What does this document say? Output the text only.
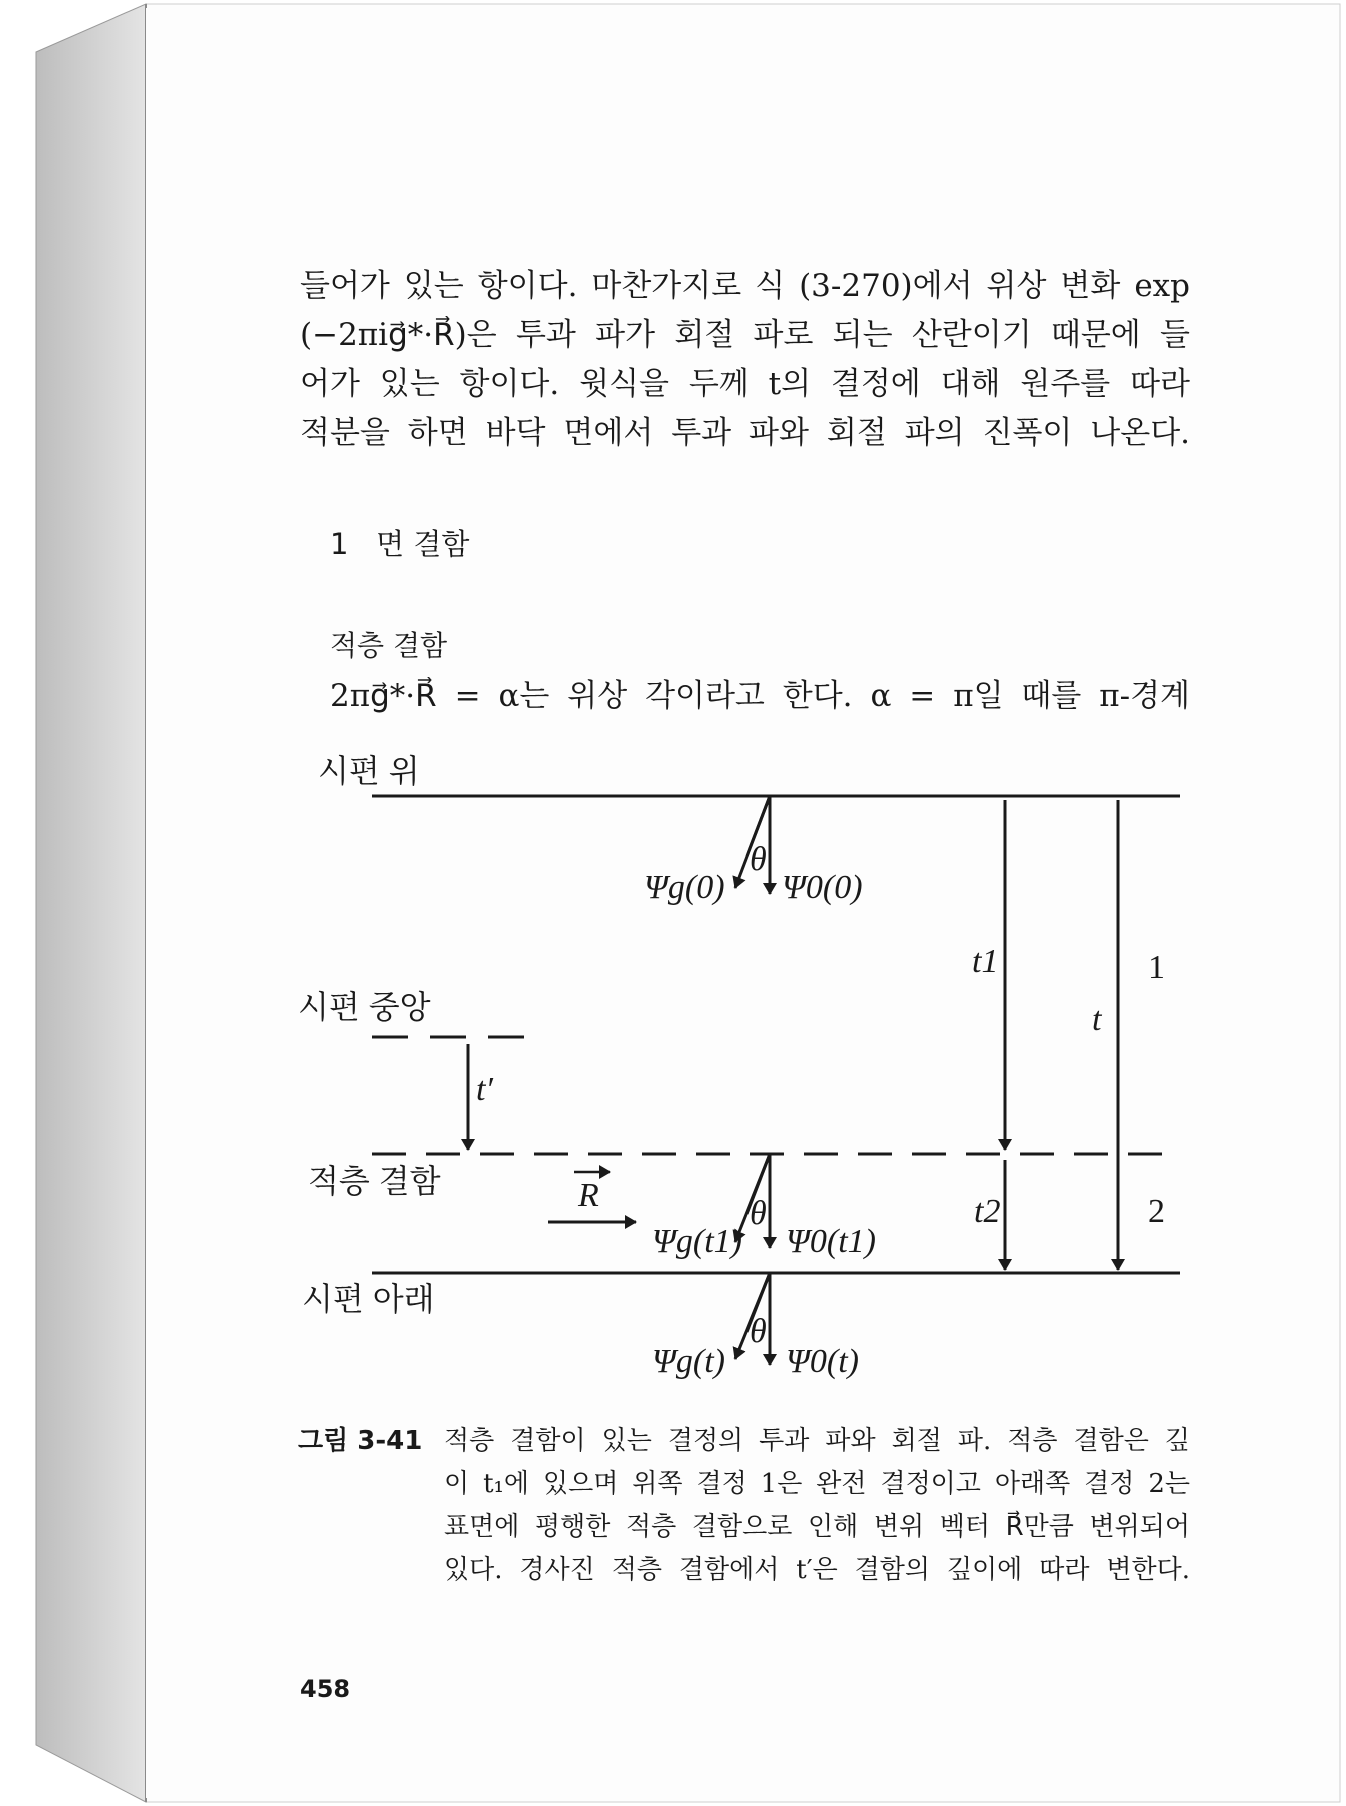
들어가 있는 항이다. 마찬가지로 식 (3-270)에서 위상 변화 exp
(−2πig⃗*·R⃗)은 투과 파가 회절 파로 되는 산란이기 때문에 들
어가 있는 항이다. 윗식을 두께 t의 결정에 대해 원주를 따라
적분을 하면 바닥 면에서 투과 파와 회절 파의 진폭이 나온다.

1 면 결함
적층 결함
2πg⃗*·R⃗ = α는 위상 각이라고 한다. α = π일 때를 π-경계
시편 위
시편 중앙
적층 결함
시편 아래
θ
Ψg(0) Ψ0(0)
θ
Ψg(t1) Ψ0(t1)
θ
Ψg(t) Ψ0(t)
R
t′
t1
t2
t
1
2
그림 3-41 적층 결함이 있는 결정의 투과 파와 회절 파. 적층 결함은 깊
이 t₁에 있으며 위쪽 결정 1은 완전 결정이고 아래쪽 결정 2는
표면에 평행한 적층 결함으로 인해 변위 벡터 R⃗만큼 변위되어
있다. 경사진 적층 결함에서 t′은 결함의 깊이에 따라 변한다.
458
